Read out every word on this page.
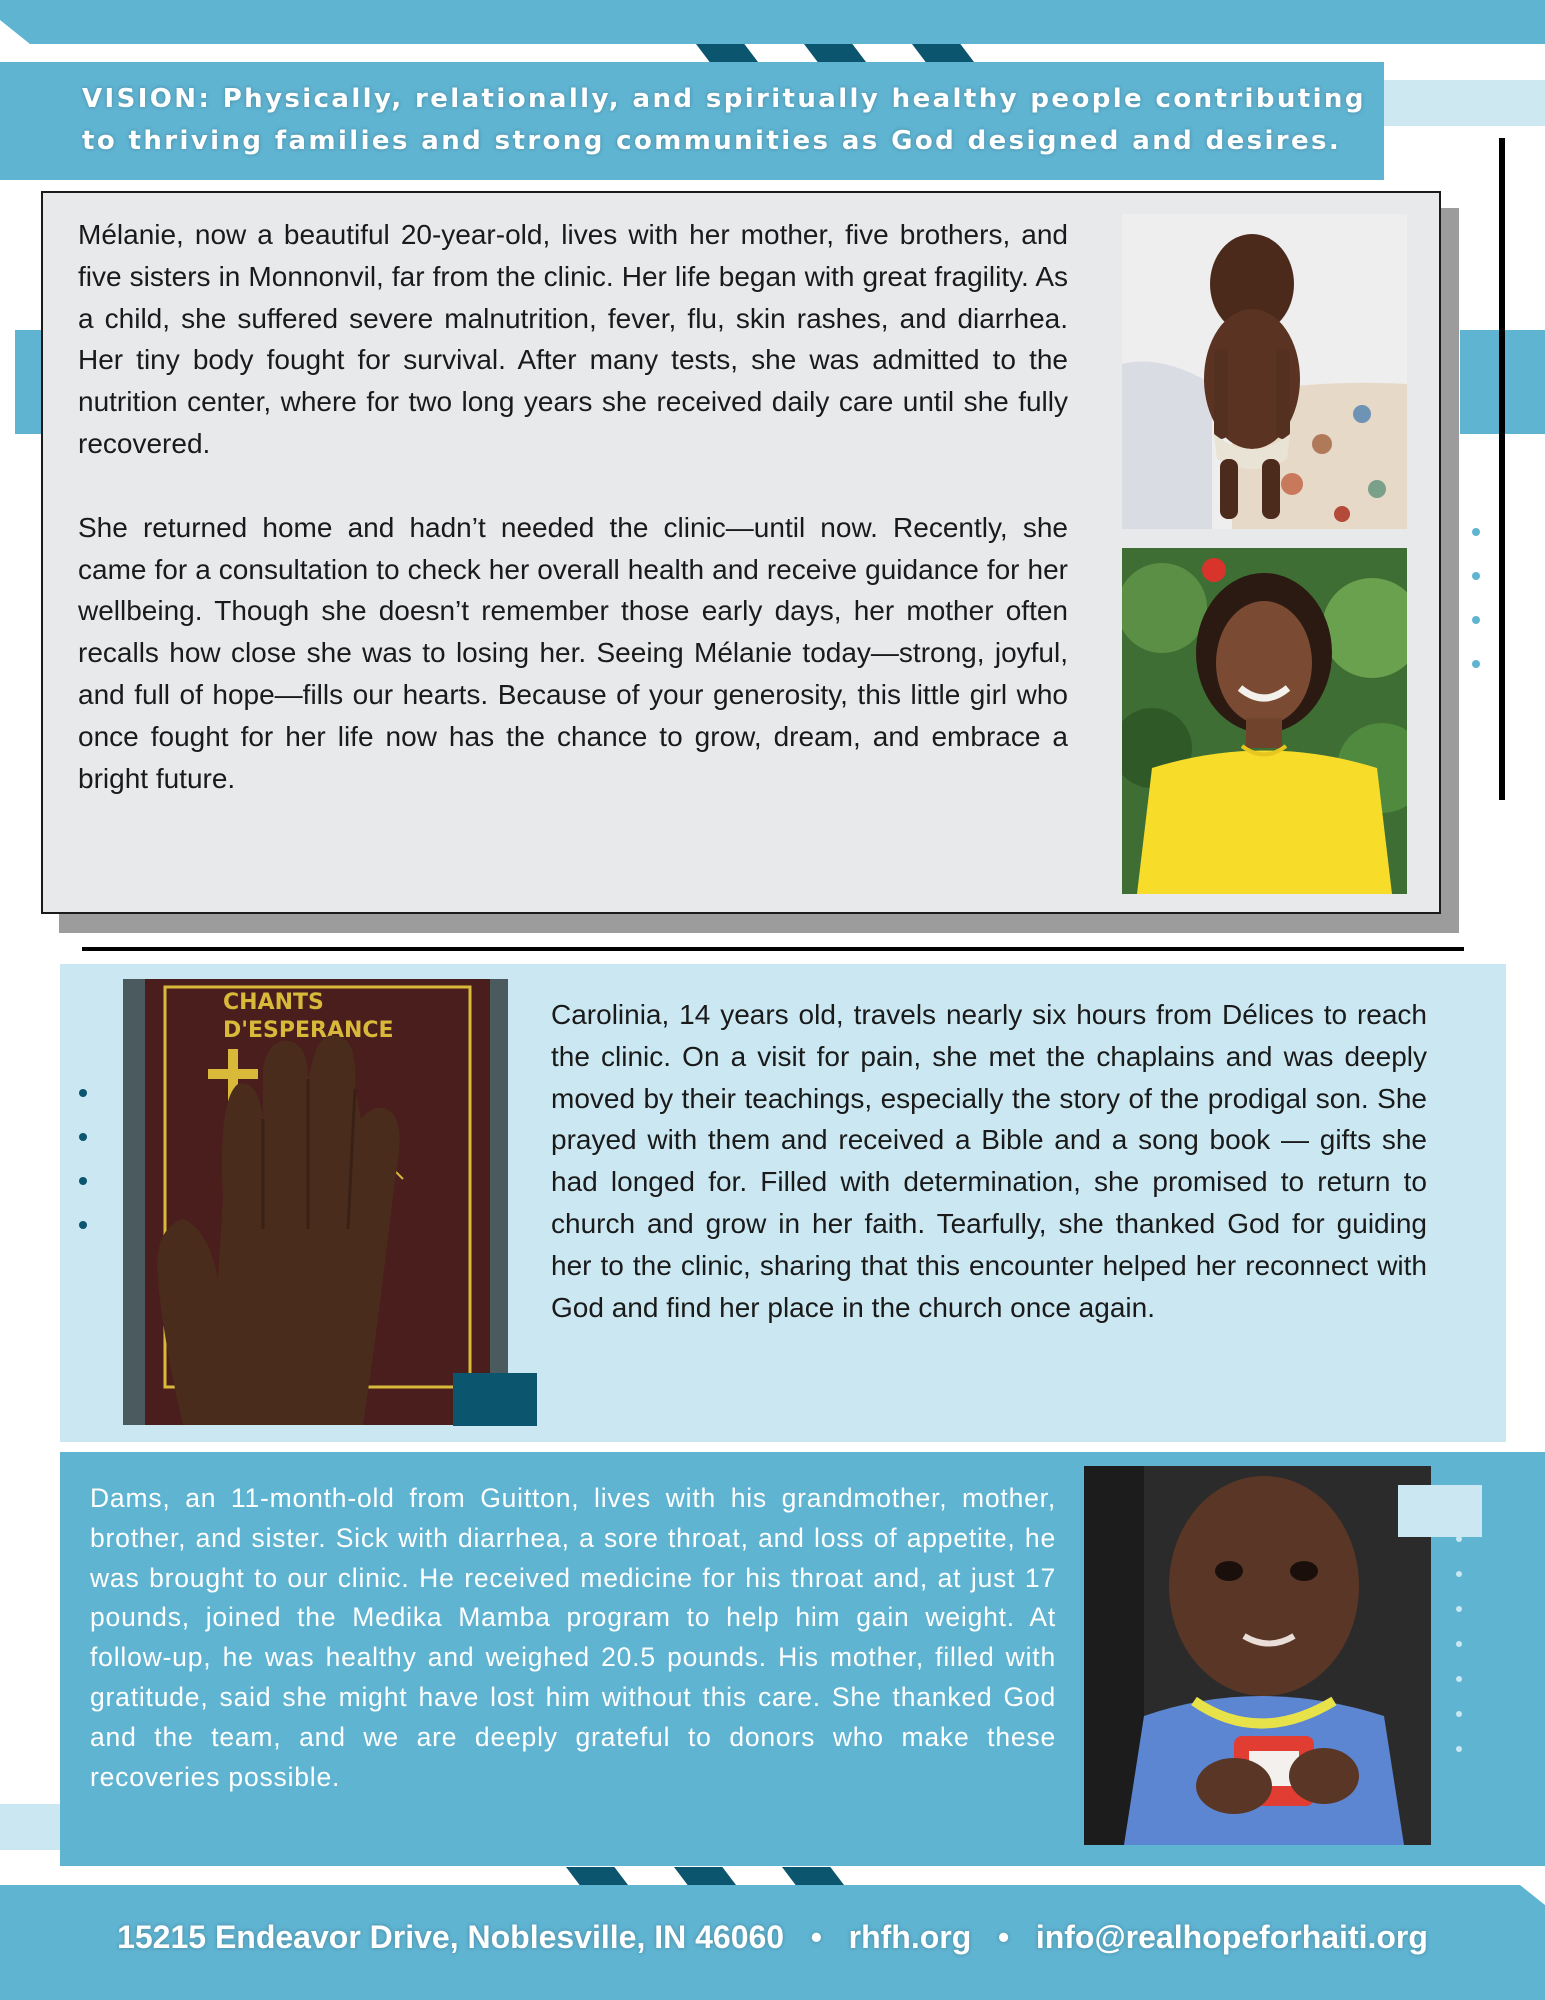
VISION: Physically, relationally, and spiritually healthy people contributing
to thriving families and strong communities as God designed and desires.

Mélanie, now a beautiful 20-year-old, lives with her mother, five brothers, and five sisters in Monnonvil, far from the clinic. Her life began with great fragility. As a child, she suffered severe malnutrition, fever, flu, skin rashes, and diarrhea. Her tiny body fought for survival. After many tests, she was admitted to the nutrition center, where for two long years she received daily care until she fully recovered.

She returned home and hadn’t needed the clinic—until now. Recently, she came for a consultation to check her overall health and receive guidance for her wellbeing. Though she doesn’t remember those early days, her mother often recalls how close she was to losing her. Seeing Mélanie today—strong, joyful, and full of hope—fills our hearts. Because of your generosity, this little girl who once fought for her life now has the chance to grow, dream, and embrace a bright future.

CHANTS
D'ESPERANCE
Carolinia, 14 years old, travels nearly six hours from Délices to reach the clinic. On a visit for pain, she met the chaplains and was deeply moved by their teachings, especially the story of the prodigal son. She prayed with them and received a Bible and a song book — gifts she had longed for. Filled with determination, she promised to return to church and grow in her faith. Tearfully, she thanked God for guiding her to the clinic, sharing that this encounter helped her reconnect with God and find her place in the church once again.
Dams, an 11-month-old from Guitton, lives with his grandmother, mother, brother, and sister. Sick with diarrhea, a sore throat, and loss of appetite, he was brought to our clinic. He received medicine for his throat and, at just 17 pounds, joined the Medika Mamba program to help him gain weight. At follow-up, he was healthy and weighed 20.5 pounds. His mother, filled with gratitude, said she might have lost him without this care. She thanked God and the team, and we are deeply grateful to donors who make these recoveries possible.
15215 Endeavor Drive, Noblesville, IN 46060 • rhfh.org • info@realhopeforhaiti.org
